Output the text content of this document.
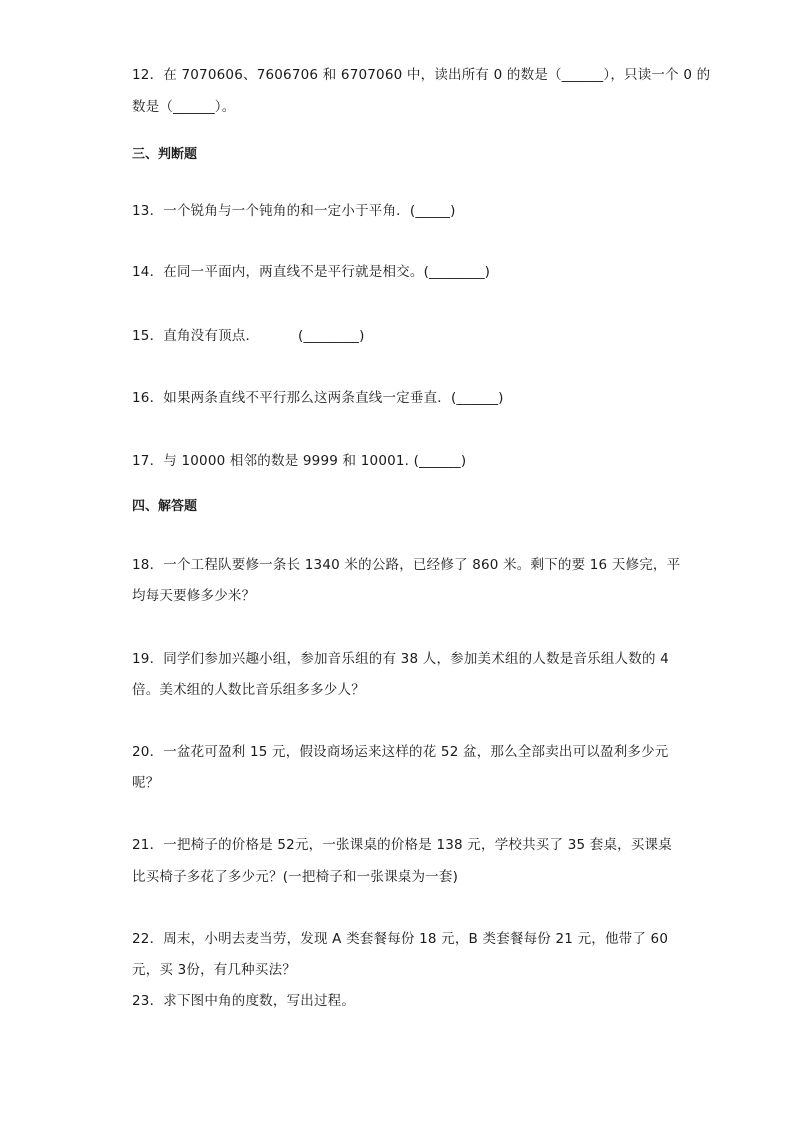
12．在 7070606、7606706 和 6707060 中，读出所有 0 的数是（______），只读一个 0 的
数是（______）。
三、判断题
13．一个锐角与一个钝角的和一定小于平角．(_____)
14．在同一平面内，两直线不是平行就是相交。(________)
15．直角没有顶点．　　　 (________)
16．如果两条直线不平行那么这两条直线一定垂直．(______)
17．与 10000 相邻的数是 9999 和 10001. (______)
四、解答题
18．一个工程队要修一条长 1340 米的公路，已经修了 860 米。剩下的要 16 天修完，平
均每天要修多少米？
19．同学们参加兴趣小组，参加音乐组的有 38 人，参加美术组的人数是音乐组人数的 4
倍。美术组的人数比音乐组多多少人？
20．一盆花可盈利 15 元，假设商场运来这样的花 52 盆，那么全部卖出可以盈利多少元
呢？
21．一把椅子的价格是 52元，一张课桌的价格是 138 元，学校共买了 35 套桌，买课桌
比买椅子多花了多少元？(一把椅子和一张课桌为一套)
22．周末，小明去麦当劳，发现 A 类套餐每份 18 元，B 类套餐每份 21 元，他带了 60
元，买 3份，有几种买法？
23．求下图中角的度数，写出过程。
